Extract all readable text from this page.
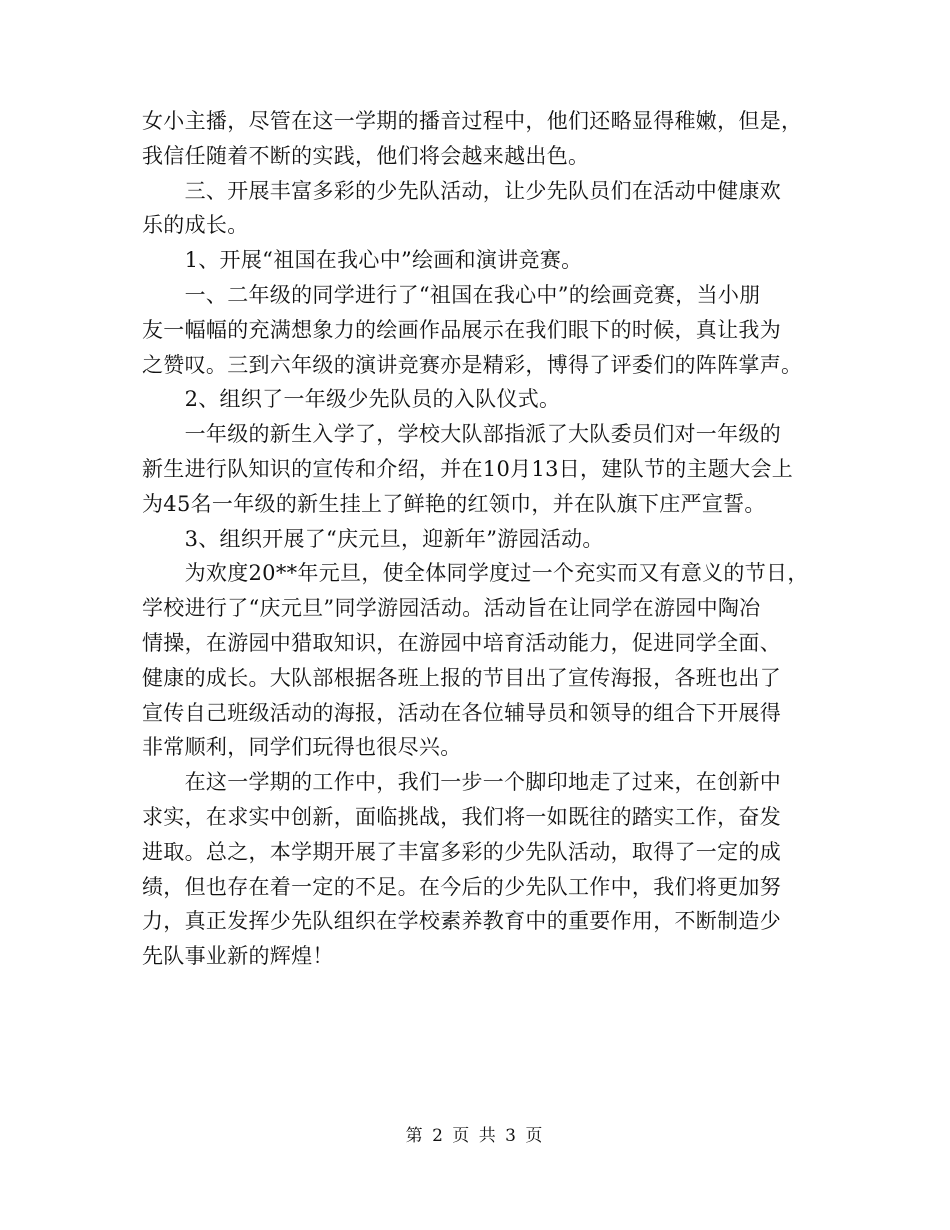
女小主播，尽管在这一学期的播音过程中，他们还略显得稚嫩，但是，
我信任随着不断的实践，他们将会越来越出色。
　　三、开展丰富多彩的少先队活动，让少先队员们在活动中健康欢
乐的成长。
　　1、开展“祖国在我心中”绘画和演讲竞赛。
　　一、二年级的同学进行了“祖国在我心中”的绘画竞赛，当小朋
友一幅幅的充满想象力的绘画作品展示在我们眼下的时候，真让我为
之赞叹。三到六年级的演讲竞赛亦是精彩，博得了评委们的阵阵掌声。
　　2、组织了一年级少先队员的入队仪式。
　　一年级的新生入学了，学校大队部指派了大队委员们对一年级的
新生进行队知识的宣传和介绍，并在10月13日，建队节的主题大会上
为45名一年级的新生挂上了鲜艳的红领巾，并在队旗下庄严宣誓。
　　3、组织开展了“庆元旦，迎新年”游园活动。
　　为欢度20**年元旦，使全体同学度过一个充实而又有意义的节日，
学校进行了“庆元旦”同学游园活动。活动旨在让同学在游园中陶冶
情操，在游园中猎取知识，在游园中培育活动能力，促进同学全面、
健康的成长。大队部根据各班上报的节目出了宣传海报，各班也出了
宣传自己班级活动的海报，活动在各位辅导员和领导的组合下开展得
非常顺利，同学们玩得也很尽兴。
　　在这一学期的工作中，我们一步一个脚印地走了过来，在创新中
求实，在求实中创新，面临挑战，我们将一如既往的踏实工作，奋发
进取。总之，本学期开展了丰富多彩的少先队活动，取得了一定的成
绩，但也存在着一定的不足。在今后的少先队工作中，我们将更加努
力，真正发挥少先队组织在学校素养教育中的重要作用，不断制造少
先队事业新的辉煌！
第 2 页 共 3 页
